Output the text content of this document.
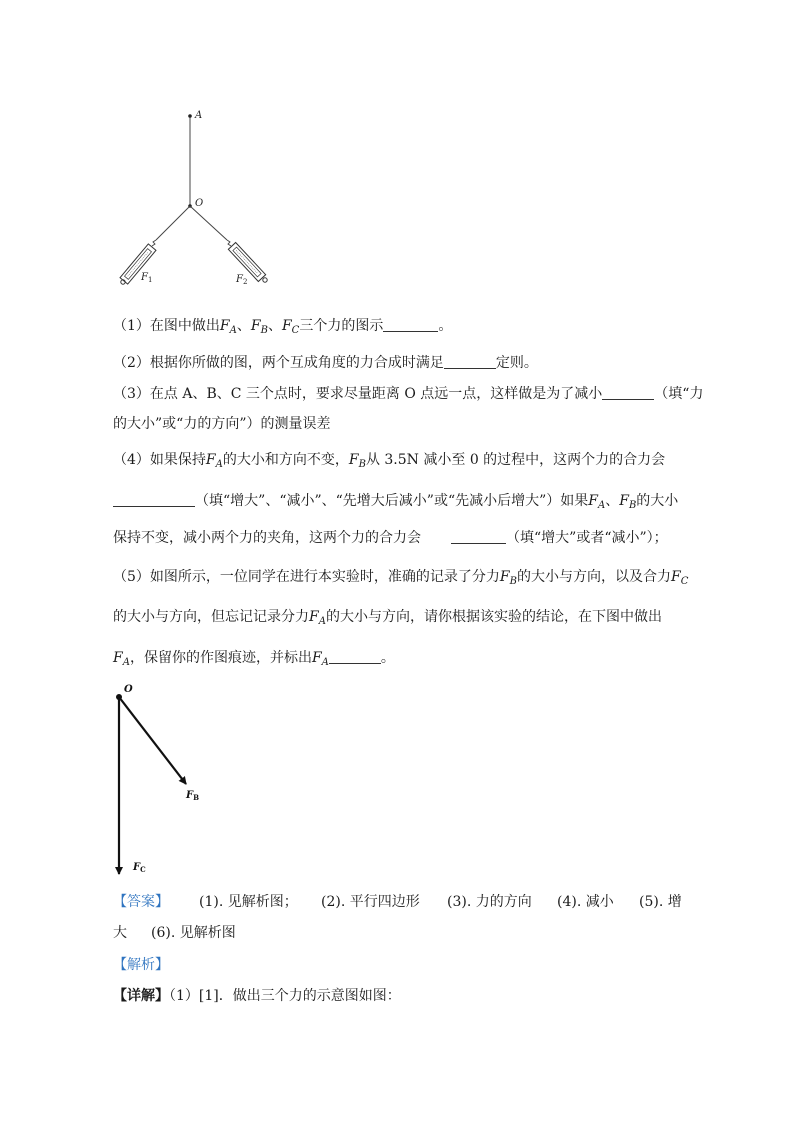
A
O
$F_1$	$F_2$
（1）在图中做出$F_A$、$F_B$、$F_C$三个力的图示	。
（2）根据你所做的图，两个互成角度的力合成时满足	定则。
（3）在点 A、B、C 三个点时，要求尽量距离 O 点远一点，这样做是为了减小	（填“力
的大小”或“力的方向”）的测量误差
（4）如果保持$F_A$的大小和方向不变，$F_B$从 3.5N 减小至 0 的过程中，这两个力的合力会
（填“增大”、“减小”、“先增大后减小”或“先减小后增大”）如果$F_A$、$F_B$的大小
保持不变，减小两个力的夹角，这两个力的合力会	（填“增大”或者“减小”）；
（5）如图所示，一位同学在进行本实验时，准确的记录了分力$F_B$的大小与方向，以及合力$F_C$
的大小与方向，但忘记记录分力$F_A$的大小与方向，请你根据该实验的结论，在下图中做出
$F_A$，保留你的作图痕迹，并标出$F_A$	。
O
$F_B$
$F_C$
【答案】 (1). 见解析图； (2). 平行四边形 (3). 力的方向 (4). 减小 (5). 增
大 (6). 见解析图
【解析】
【详解】（1）[1]．做出三个力的示意图如图：
